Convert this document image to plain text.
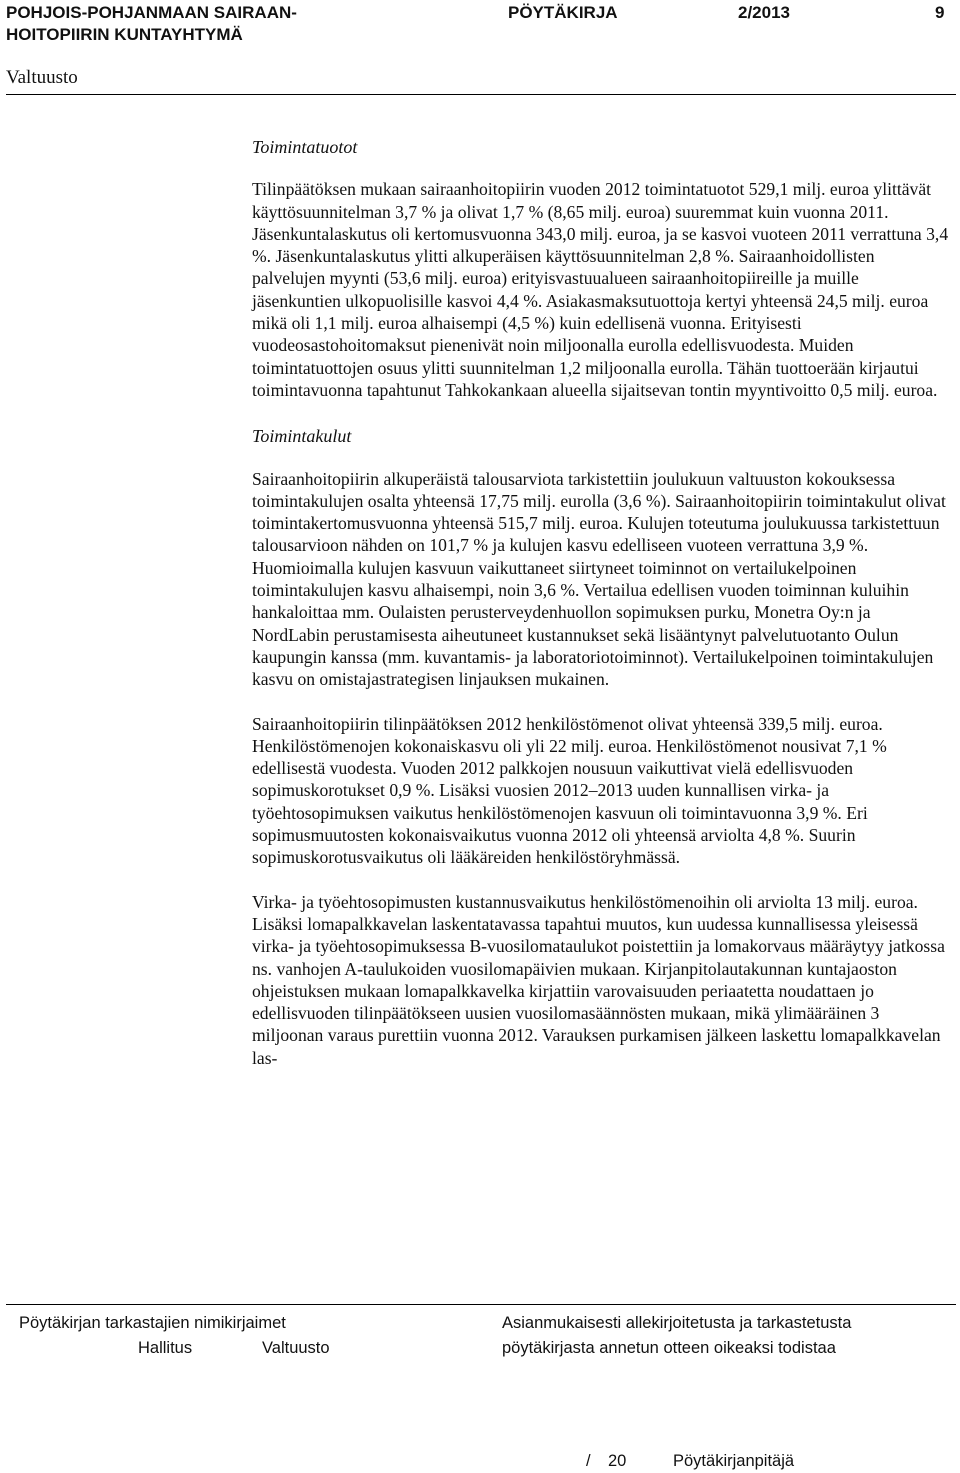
POHJOIS-POHJANMAAN SAIRAAN-
HOITOPIIRIN KUNTAYHTYMÄ
PÖYTÄKIRJA	2/2013	9
Valtuusto
Toimintatuotot

Tilinpäätöksen mukaan sairaanhoitopiirin vuoden 2012 toimintatuotot 529,1 milj. euroa ylittävät käyttösuunnitelman 3,7 % ja olivat 1,7 % (8,65 milj. euroa) suuremmat kuin vuonna 2011. Jäsenkuntalaskutus oli kertomusvuonna 343,0 milj. euroa, ja se kasvoi vuoteen 2011 verrattuna 3,4 %. Jäsenkuntalaskutus ylitti alkuperäisen käyttösuunnitelman 2,8 %. Sairaanhoidollisten palvelujen myynti (53,6 milj. euroa) erityisvastuualueen sairaanhoitopiireille ja muille jäsenkuntien ulkopuolisille kasvoi 4,4 %. Asiakasmaksutuottoja kertyi yhteensä 24,5 milj. euroa mikä oli 1,1 milj. euroa alhaisempi (4,5 %) kuin edellisenä vuonna. Erityisesti vuodeosastohoitomaksut pienenivät noin miljoonalla eurolla edellisvuodesta. Muiden toimintatuottojen osuus ylitti suunnitelman 1,2 miljoonalla eurolla. Tähän tuottoerään kirjautui toimintavuonna tapahtunut Tahkokankaan alueella sijaitsevan tontin myyntivoitto 0,5 milj. euroa.

Toimintakulut

Sairaanhoitopiirin alkuperäistä talousarviota tarkistettiin joulukuun valtuuston kokouksessa toimintakulujen osalta yhteensä 17,75 milj. eurolla (3,6 %). Sairaanhoitopiirin toimintakulut olivat toimintakertomusvuonna yhteensä 515,7 milj. euroa. Kulujen toteutuma joulukuussa tarkistettuun talousarvioon nähden on 101,7 % ja kulujen kasvu edelliseen vuoteen verrattuna 3,9 %. Huomioimalla kulujen kasvuun vaikuttaneet siirtyneet toiminnot on vertailukelpoinen toimintakulujen kasvu alhaisempi, noin 3,6 %. Vertailua edellisen vuoden toiminnan kuluihin hankaloittaa mm. Oulaisten perusterveydenhuollon sopimuksen purku, Monetra Oy:n ja NordLabin perustamisesta aiheutuneet kustannukset sekä lisääntynyt palvelutuotanto Oulun kaupungin kanssa (mm. kuvantamis- ja laboratoriotoiminnot). Vertailukelpoinen toimintakulujen kasvu on omistajastrategisen linjauksen mukainen.

Sairaanhoitopiirin tilinpäätöksen 2012 henkilöstömenot olivat yhteensä 339,5 milj. euroa. Henkilöstömenojen kokonaiskasvu oli yli 22 milj. euroa. Henkilöstömenot nousivat 7,1 % edellisestä vuodesta. Vuoden 2012 palkkojen nousuun vaikuttivat vielä edellisvuoden sopimuskorotukset 0,9 %. Lisäksi vuosien 2012–2013 uuden kunnallisen virka- ja työehtosopimuksen vaikutus henkilöstömenojen kasvuun oli toimintavuonna 3,9 %. Eri sopimusmuutosten kokonaisvaikutus vuonna 2012 oli yhteensä arviolta 4,8 %. Suurin sopimuskorotusvaikutus oli lääkäreiden henkilöstöryhmässä.

Virka- ja työehtosopimusten kustannusvaikutus henkilöstömenoihin oli arviolta 13 milj. euroa. Lisäksi lomapalkkavelan laskentatavassa tapahtui muutos, kun uudessa kunnallisessa yleisessä virka- ja työehtosopimuksessa B-vuosilomataulukot poistettiin ja lomakorvaus määräytyy jatkossa ns. vanhojen A-taulukoiden vuosilomapäivien mukaan. Kirjanpitolautakunnan kuntajaoston ohjeistuksen mukaan lomapalkkavelka kirjattiin varovaisuuden periaatetta noudattaen jo edellisvuoden tilinpäätökseen uusien vuosilomasäännösten mukaan, mikä ylimääräinen 3 miljoonan varaus purettiin vuonna 2012. Varauksen purkamisen jälkeen laskettu lomapalkkavelan las-

Pöytäkirjan tarkastajien nimikirjaimet
Hallitus	Valtuusto
Asianmukaisesti allekirjoitetusta ja tarkastetusta
pöytäkirjasta annetun otteen oikeaksi todistaa
/ 20	Pöytäkirjanpitäjä
